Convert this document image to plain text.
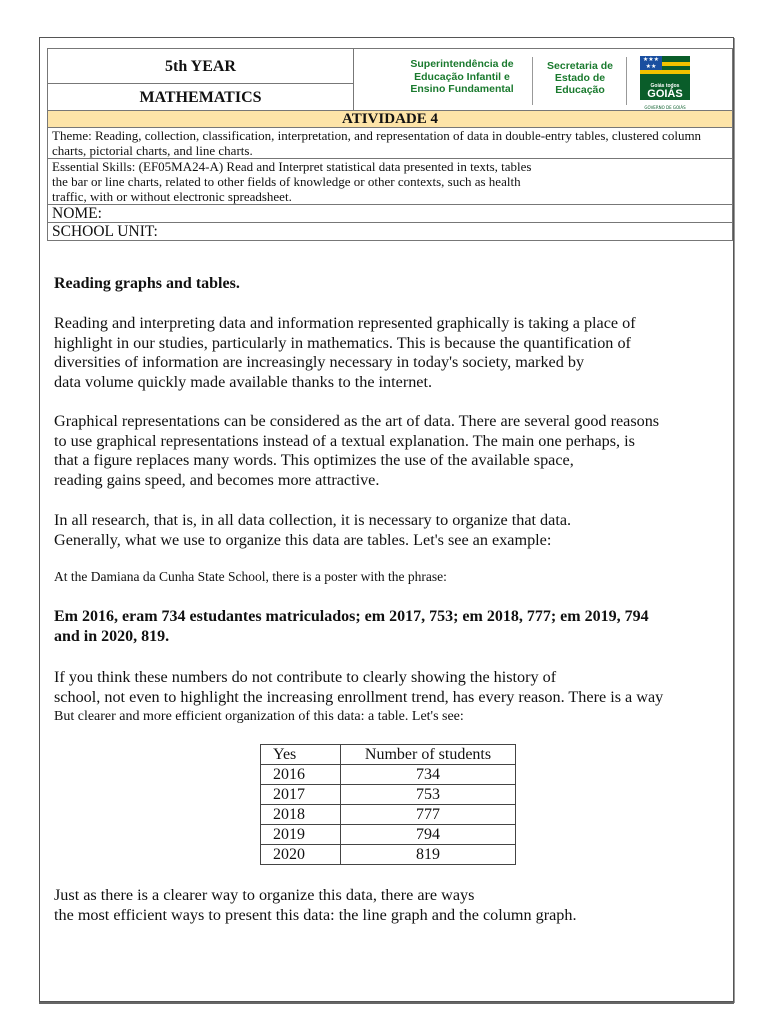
5th YEAR	Superintendência de
Educação Infantil e
Ensino Fundamental
Secretaria de
Estado de
Educação
★★★
★★
Goiás todos
GOIÁS
GOVERNO DE GOIÁS

MATHEMATICS
ATIVIDADE 4
Theme: Reading, collection, classification, interpretation, and representation of data in double-entry tables, clustered column charts, pictorial charts, and line charts.

Essential Skills: (EF05MA24-A) Read and Interpret statistical data presented in texts, tables
the bar or line charts, related to other fields of knowledge or other contexts, such as health
traffic, with or without electronic spreadsheet.

NOME:
SCHOOL UNIT:
Reading graphs and tables.
Reading and interpreting data and information represented graphically is taking a place of
highlight in our studies, particularly in mathematics. This is because the quantification of
diversities of information are increasingly necessary in today's society, marked by
data volume quickly made available thanks to the internet.
Graphical representations can be considered as the art of data. There are several good reasons
to use graphical representations instead of a textual explanation. The main one perhaps, is
that a figure replaces many words. This optimizes the use of the available space,
reading gains speed, and becomes more attractive.
In all research, that is, in all data collection, it is necessary to organize that data.
Generally, what we use to organize this data are tables. Let's see an example:
At the Damiana da Cunha State School, there is a poster with the phrase:
Em 2016, eram 734 estudantes matriculados; em 2017, 753; em 2018, 777; em 2019, 794
and in 2020, 819.
If you think these numbers do not contribute to clearly showing the history of
school, not even to highlight the increasing enrollment trend, has every reason. There is a way
But clearer and more efficient organization of this data: a table. Let's see:
Yes	Number of students
2016	734
2017	753
2018	777
2019	794
2020	819
Just as there is a clearer way to organize this data, there are ways
the most efficient ways to present this data: the line graph and the column graph.
